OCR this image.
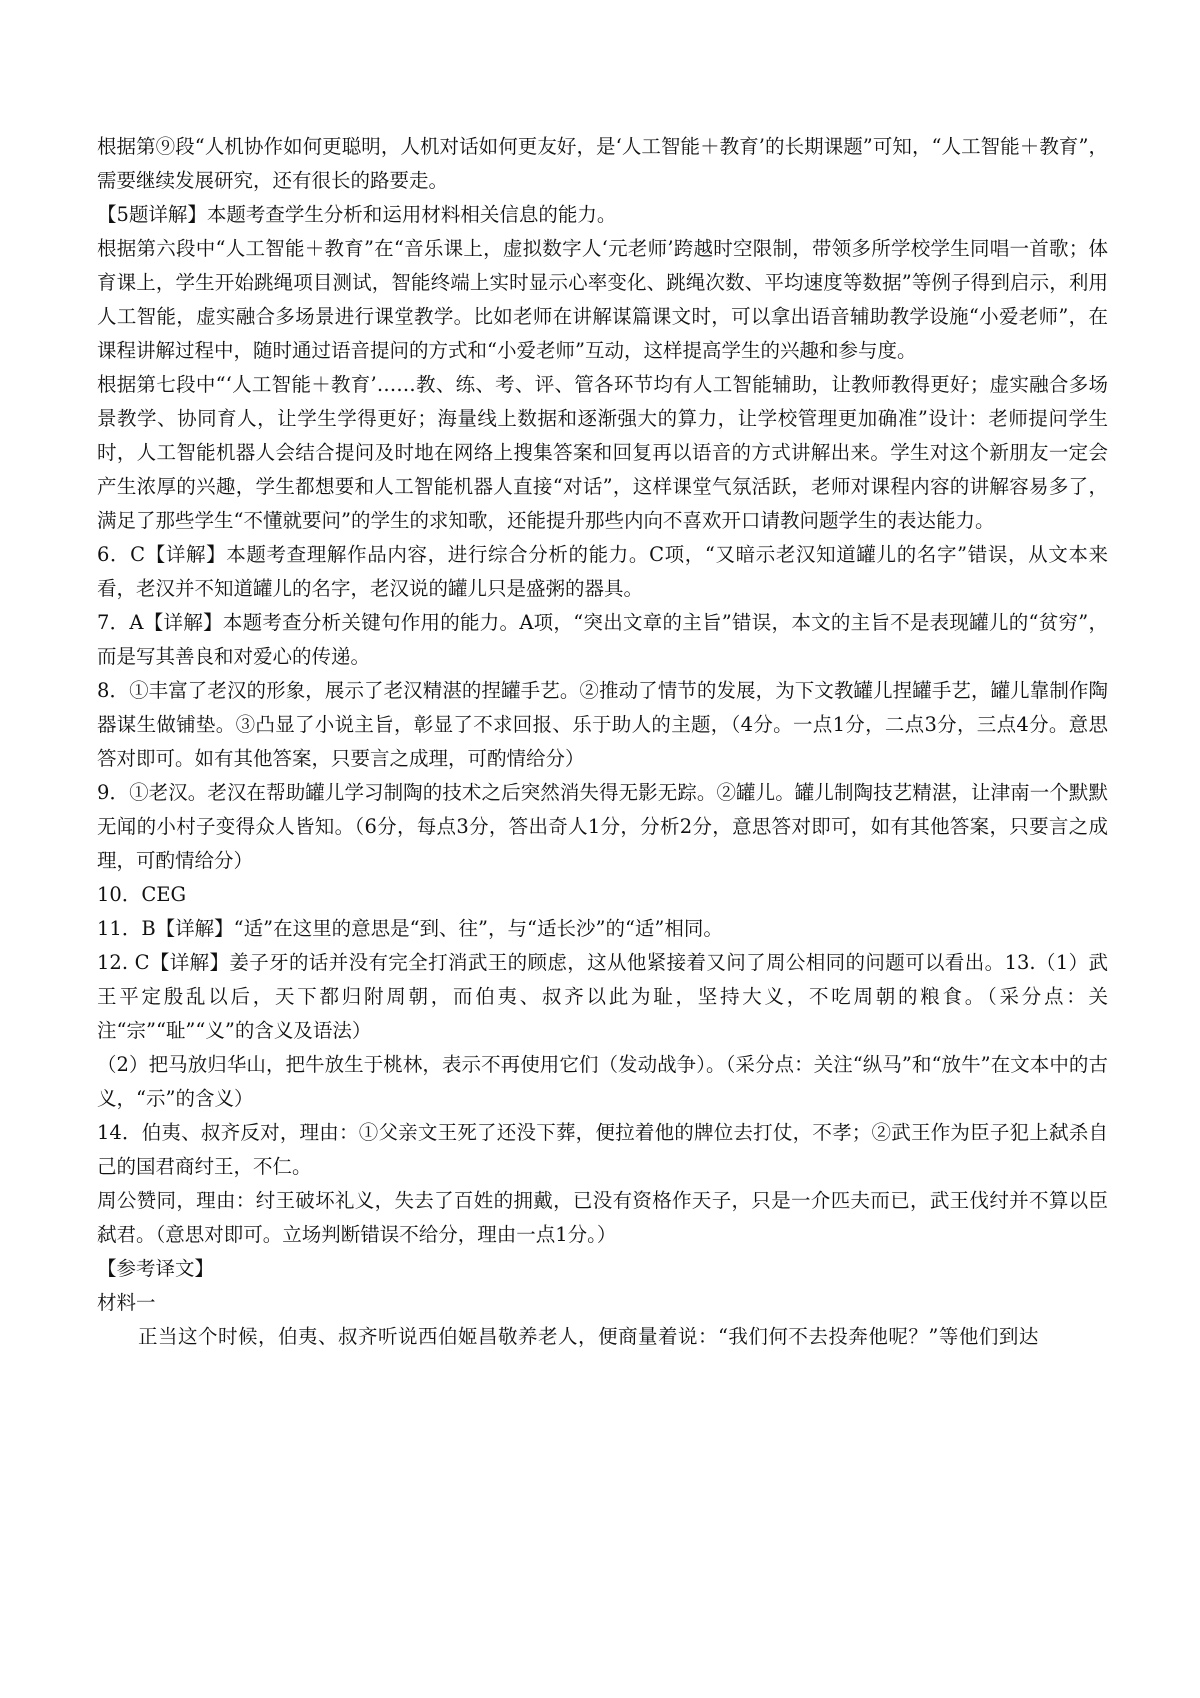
根据第⑨段“人机协作如何更聪明，人机对话如何更友好，是‘人工智能＋教育’的长期课题”可知，“人工智能＋教育”，需要继续发展研究，还有很长的路要走。

【5题详解】本题考查学生分析和运用材料相关信息的能力。

根据第六段中“人工智能＋教育”在“音乐课上，虚拟数字人‘元老师’跨越时空限制，带领多所学校学生同唱一首歌；体育课上，学生开始跳绳项目测试，智能终端上实时显示心率变化、跳绳次数、平均速度等数据”等例子得到启示，利用人工智能，虚实融合多场景进行课堂教学。比如老师在讲解谋篇课文时，可以拿出语音辅助教学设施“小爱老师”，在课程讲解过程中，随时通过语音提问的方式和“小爱老师”互动，这样提高学生的兴趣和参与度。

根据第七段中“‘人工智能＋教育’……教、练、考、评、管各环节均有人工智能辅助，让教师教得更好；虚实融合多场景教学、协同育人，让学生学得更好；海量线上数据和逐渐强大的算力，让学校管理更加确准”设计：老师提问学生时，人工智能机器人会结合提问及时地在网络上搜集答案和回复再以语音的方式讲解出来。学生对这个新朋友一定会产生浓厚的兴趣，学生都想要和人工智能机器人直接“对话”，这样课堂气氛活跃，老师对课程内容的讲解容易多了，满足了那些学生“不懂就要问”的学生的求知歌，还能提升那些内向不喜欢开口请教问题学生的表达能力。

6．C【详解】本题考查理解作品内容，进行综合分析的能力。C项，“又暗示老汉知道罐儿的名字”错误，从文本来看，老汉并不知道罐儿的名字，老汉说的罐儿只是盛粥的器具。

7．A【详解】本题考查分析关键句作用的能力。A项，“突出文章的主旨”错误，本文的主旨不是表现罐儿的“贫穷”，而是写其善良和对爱心的传递。

8．①丰富了老汉的形象，展示了老汉精湛的捏罐手艺。②推动了情节的发展，为下文教罐儿捏罐手艺，罐儿靠制作陶器谋生做铺垫。③凸显了小说主旨，彰显了不求回报、乐于助人的主题，（4分。一点1分，二点3分，三点4分。意思答对即可。如有其他答案，只要言之成理，可酌情给分）

9．①老汉。老汉在帮助罐儿学习制陶的技术之后突然消失得无影无踪。②罐儿。罐儿制陶技艺精湛，让津南一个默默无闻的小村子变得众人皆知。（6分，每点3分，答出奇人1分，分析2分，意思答对即可，如有其他答案，只要言之成理，可酌情给分）

10．CEG

11．B【详解】“适”在这里的意思是“到、往”，与“适长沙”的“适”相同。

12. C【详解】姜子牙的话并没有完全打消武王的顾虑，这从他紧接着又问了周公相同的问题可以看出。13.（1）武王平定殷乱以后，天下都归附周朝，而伯夷、叔齐以此为耻，坚持大义，不吃周朝的粮食。（采分点：关注“宗”“耻”“义”的含义及语法）

（2）把马放归华山，把牛放生于桃林，表示不再使用它们（发动战争）。（采分点：关注“纵马”和“放牛”在文本中的古义，“示”的含义）

14．伯夷、叔齐反对，理由：①父亲文王死了还没下葬，便拉着他的牌位去打仗，不孝；②武王作为臣子犯上弑杀自己的国君商纣王，不仁。

周公赞同，理由：纣王破坏礼义，失去了百姓的拥戴，已没有资格作天子，只是一介匹夫而已，武王伐纣并不算以臣弑君。（意思对即可。立场判断错误不给分，理由一点1分。）

【参考译文】

材料一

正当这个时候，伯夷、叔齐听说西伯姬昌敬养老人，便商量着说：“我们何不去投奔他呢？”等他们到达
